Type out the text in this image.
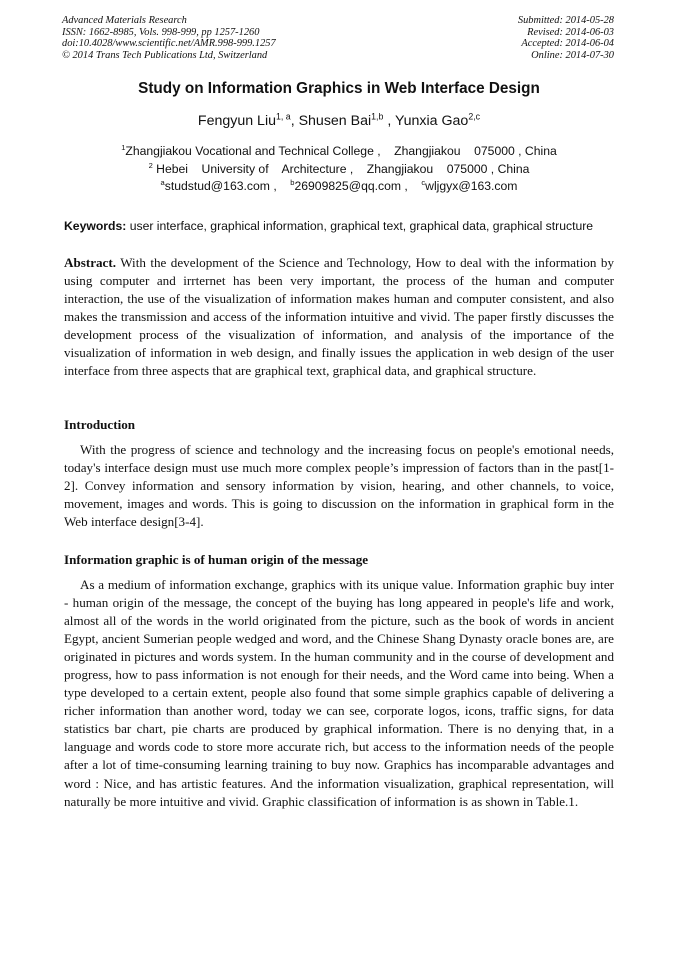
Advanced Materials Research
ISSN: 1662-8985, Vols. 998-999, pp 1257-1260
doi:10.4028/www.scientific.net/AMR.998-999.1257
© 2014 Trans Tech Publications Ltd, Switzerland
Submitted: 2014-05-28
Revised: 2014-06-03
Accepted: 2014-06-04
Online: 2014-07-30
Study on Information Graphics in Web Interface Design
Fengyun Liu$^{1, a}$, Shusen Bai$^{1,b}$ , Yunxia Gao$^{2,c}$
$^1$Zhangjiakou Vocational and Technical College ,    Zhangjiakou    075000 , China
$^2$ Hebei    University of    Architecture ,    Zhangjiakou    075000 , China
$^a$studstud@163.com ,    $^b$26909825@qq.com ,    $^c$wljgyx@163.com
Keywords: user interface, graphical information, graphical text, graphical data, graphical structure

Abstract. With the development of the Science and Technology, How to deal with the information by using computer and irrternet has been very important, the process of the human and computer interaction, the use of the visualization of information makes human and computer consistent, and also makes the transmission and access of the information intuitive and vivid. The paper firstly discusses the development process of the visualization of information, and analysis of the importance of the visualization of information in web design, and finally issues the application in web design of the user interface from three aspects that are graphical text, graphical data, and graphical structure.

Introduction

With the progress of science and technology and the increasing focus on people's emotional needs, today's interface design must use much more complex people’s impression of factors than in the past[1-2]. Convey information and sensory information by vision, hearing, and other channels, to voice, movement, images and words. This is going to discussion on the information in graphical form in the Web interface design[3-4].

Information graphic is of human origin of the message

As a medium of information exchange, graphics with its unique value. Information graphic buy inter - human origin of the message, the concept of the buying has long appeared in people's life and work, almost all of the words in the world originated from the picture, such as the book of words in ancient Egypt, ancient Sumerian people wedged and word, and the Chinese Shang Dynasty oracle bones are, are originated in pictures and words system. In the human community and in the course of development and progress, how to pass information is not enough for their needs, and the Word came into being. When a type developed to a certain extent, people also found that some simple graphics capable of delivering a richer information than another word, today we can see, corporate logos, icons, traffic signs, for data statistics bar chart, pie charts are produced by graphical information. There is no denying that, in a language and words code to store more accurate rich, but access to the information needs of the people after a lot of time-consuming learning training to buy now. Graphics has incomparable advantages and word : Nice, and has artistic features. And the information visualization, graphical representation, will naturally be more intuitive and vivid. Graphic classification of information is as shown in Table.1.
